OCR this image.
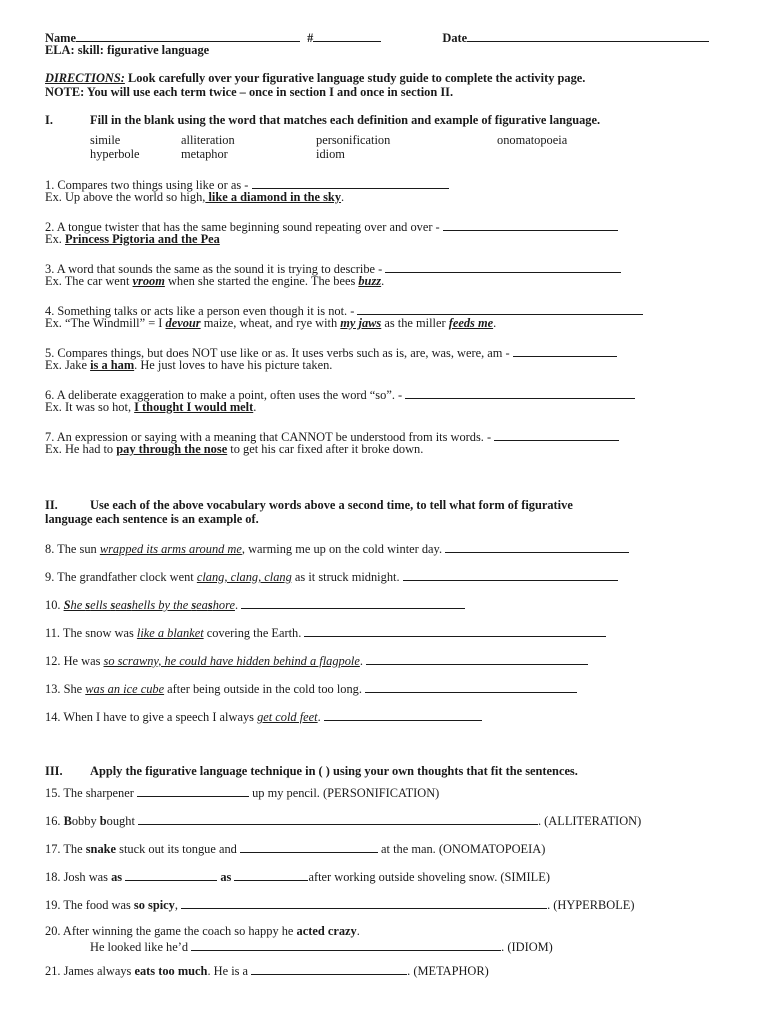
Name	#	Date
ELA: skill: figurative language
DIRECTIONS: Look carefully over your figurative language study guide to complete the activity page.
NOTE: You will use each term twice – once in section I and once in section II.
I.	Fill in the blank using the word that matches each definition and example of figurative language.
simile	alliteration	personification	onomatopoeia
hyperbole	metaphor	idiom
1. Compares two things using like or as -
Ex. Up above the world so high, like a diamond in the sky.
2. A tongue twister that has the same beginning sound repeating over and over -
Ex. Princess Pigtoria and the Pea
3. A word that sounds the same as the sound it is trying to describe -
Ex. The car went vroom when she started the engine. The bees buzz.
4. Something talks or acts like a person even though it is not. -
Ex. “The Windmill” = I devour maize, wheat, and rye with my jaws as the miller feeds me.
5. Compares things, but does NOT use like or as. It uses verbs such as is, are, was, were, am -
Ex. Jake is a ham. He just loves to have his picture taken.
6. A deliberate exaggeration to make a point, often uses the word “so”. -
Ex. It was so hot, I thought I would melt.
7. An expression or saying with a meaning that CANNOT be understood from its words. -
Ex. He had to pay through the nose to get his car fixed after it broke down.
II.	Use each of the above vocabulary words above a second time, to tell what form of figurative
language each sentence is an example of.
8. The sun wrapped its arms around me, warming me up on the cold winter day.
9. The grandfather clock went clang, clang, clang as it struck midnight.
10. She sells seashells by the seashore.
11. The snow was like a blanket covering the Earth.
12. He was so scrawny, he could have hidden behind a flagpole.
13. She was an ice cube after being outside in the cold too long.
14. When I have to give a speech I always get cold feet.
III. Apply the figurative language technique in ( ) using your own thoughts that fit the sentences.
15. The sharpener	up my pencil. (PERSONIFICATION)
16. Bobby bought	. (ALLITERATION)
17. The snake stuck out its tongue and	at the man. (ONOMATOPOEIA)
18. Josh was as	as	after working outside shoveling snow. (SIMILE)
19. The food was so spicy,	. (HYPERBOLE)
20. After winning the game the coach so happy he acted crazy.
He looked like he’d	. (IDIOM)
21. James always eats too much. He is a	. (METAPHOR)
